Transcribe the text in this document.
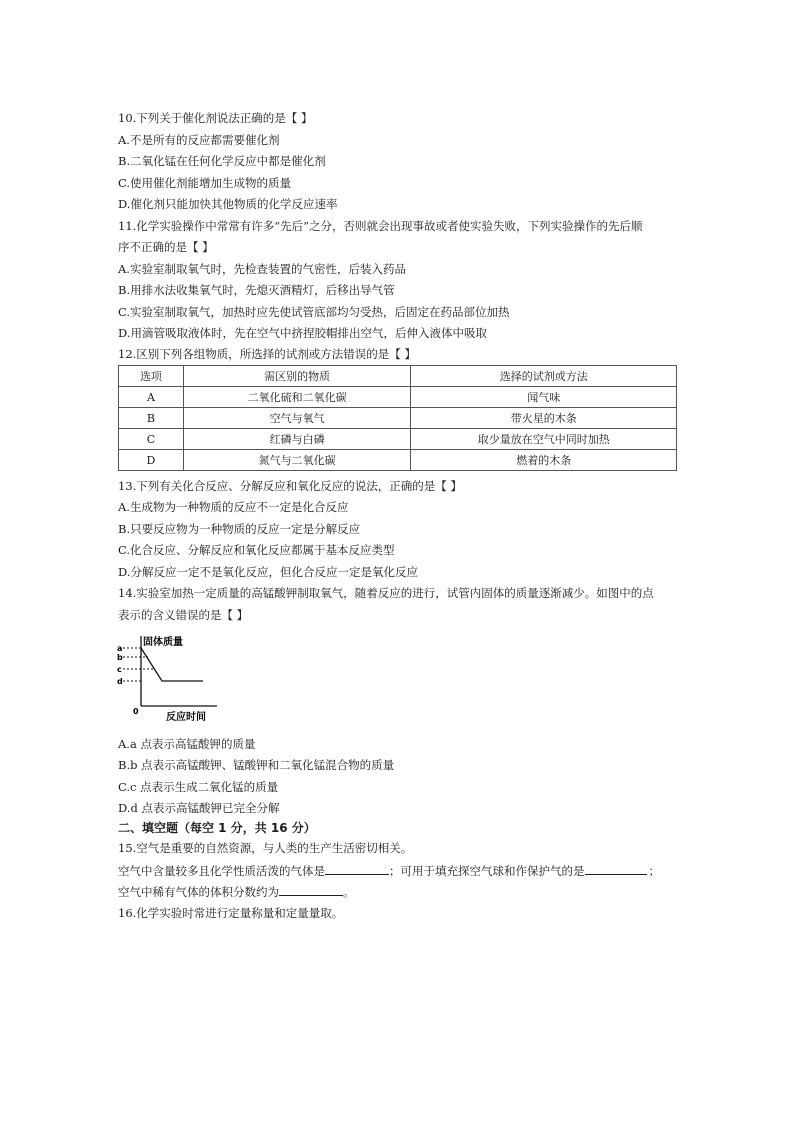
10.下列关于催化剂说法正确的是【 】
A.不是所有的反应都需要催化剂
B.二氧化锰在任何化学反应中都是催化剂
C.使用催化剂能增加生成物的质量
D.催化剂只能加快其他物质的化学反应速率
11.化学实验操作中常常有许多“先后”之分，否则就会出现事故或者使实验失败，下列实验操作的先后顺
序不正确的是【 】
A.实验室制取氧气时，先检查装置的气密性，后装入药品
B.用排水法收集氧气时，先熄灭酒精灯，后移出导气管
C.实验室制取氧气，加热时应先使试管底部均匀受热，后固定在药品部位加热
D.用滴管吸取液体时，先在空气中挤捏胶帽排出空气，后伸入液体中吸取
12.区别下列各组物质，所选择的试剂或方法错误的是【 】
选项	需区别的物质	选择的试剂或方法
A	二氧化硫和二氧化碳	闻气味
B	空气与氧气	带火星的木条
C	红磷与白磷	取少量放在空气中同时加热
D	氮气与二氧化碳	燃着的木条
13.下列有关化合反应、分解反应和氧化反应的说法，正确的是【 】
A.生成物为一种物质的反应不一定是化合反应
B.只要反应物为一种物质的反应一定是分解反应
C.化合反应、分解反应和氧化反应都属于基本反应类型
D.分解反应一定不是氧化反应，但化合反应一定是氧化反应
14.实验室加热一定质量的高锰酸钾制取氧气，随着反应的进行，试管内固体的质量逐渐减少。如图中的点
表示的含义错误的是【 】
固体质量
a
b
c
d
0
反应时间
A.a 点表示高锰酸钾的质量
B.b 点表示高锰酸钾、锰酸钾和二氧化锰混合物的质量
C.c 点表示生成二氧化锰的质量
D.d 点表示高锰酸钾已完全分解
二、填空题（每空 1 分，共 16 分）
15.空气是重要的自然资源，与人类的生产生活密切相关。
空气中含量较多且化学性质活泼的气体是	；可用于填充探空气球和作保护气的是	；
空气中稀有气体的体积分数约为	。
16.化学实验时常进行定量称量和定量量取。
